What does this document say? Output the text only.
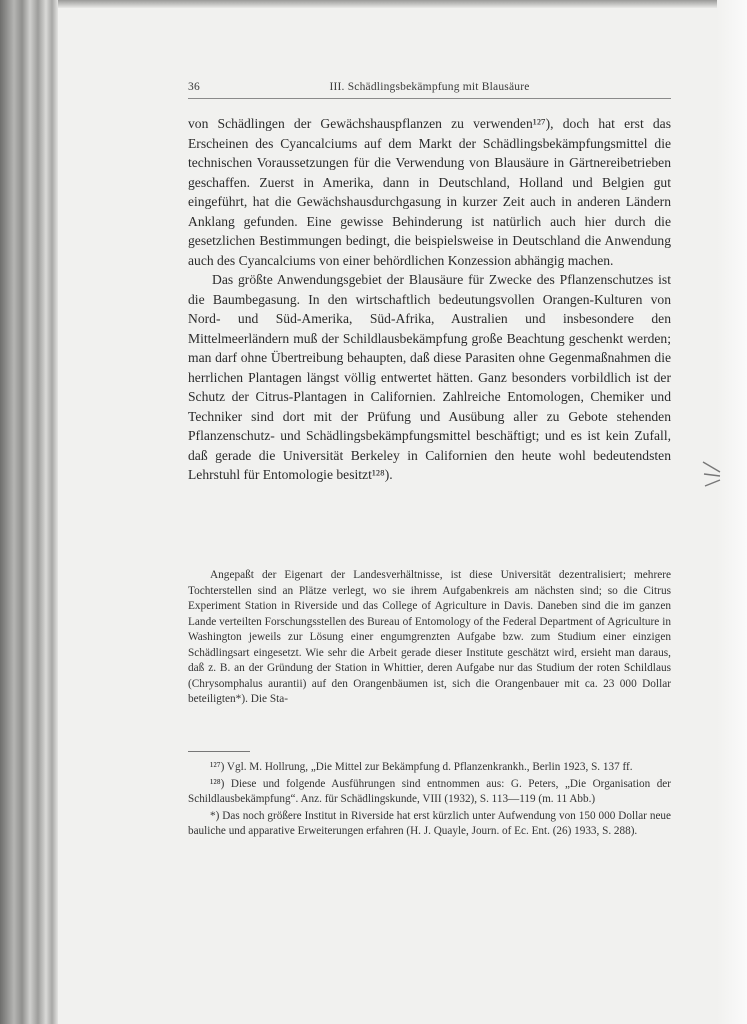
36	III. Schädlingsbekämpfung mit Blausäure

von Schädlingen der Gewächshauspflanzen zu verwenden¹²⁷), doch hat erst das Erscheinen des Cyancalciums auf dem Markt der Schädlingsbekämpfungsmittel die technischen Voraussetzungen für die Verwendung von Blausäure in Gärtnereibetrieben geschaffen. Zuerst in Amerika, dann in Deutschland, Holland und Belgien gut eingeführt, hat die Gewächshausdurchgasung in kurzer Zeit auch in anderen Ländern Anklang gefunden. Eine gewisse Behinderung ist natürlich auch hier durch die gesetzlichen Bestimmungen bedingt, die beispielsweise in Deutschland die Anwendung auch des Cyancalciums von einer behördlichen Konzession abhängig machen.

Das größte Anwendungsgebiet der Blausäure für Zwecke des Pflanzenschutzes ist die Baumbegasung. In den wirtschaftlich bedeutungsvollen Orangen-Kulturen von Nord- und Süd-Amerika, Süd-Afrika, Australien und insbesondere den Mittelmeerländern muß der Schildlausbekämpfung große Beachtung geschenkt werden; man darf ohne Übertreibung behaupten, daß diese Parasiten ohne Gegenmaßnahmen die herrlichen Plantagen längst völlig entwertet hätten. Ganz besonders vorbildlich ist der Schutz der Citrus-Plantagen in Californien. Zahlreiche Entomologen, Chemiker und Techniker sind dort mit der Prüfung und Ausübung aller zu Gebote stehenden Pflanzenschutz- und Schädlingsbekämpfungsmittel beschäftigt; und es ist kein Zufall, daß gerade die Universität Berkeley in Californien den heute wohl bedeutendsten Lehrstuhl für Entomologie besitzt¹²⁸).

Angepaßt der Eigenart der Landesverhältnisse, ist diese Universität dezentralisiert; mehrere Tochterstellen sind an Plätze verlegt, wo sie ihrem Aufgabenkreis am nächsten sind; so die Citrus Experiment Station in Riverside und das College of Agriculture in Davis. Daneben sind die im ganzen Lande verteilten Forschungsstellen des Bureau of Entomology of the Federal Department of Agriculture in Washington jeweils zur Lösung einer engumgrenzten Aufgabe bzw. zum Studium einer einzigen Schädlingsart eingesetzt. Wie sehr die Arbeit gerade dieser Institute geschätzt wird, ersieht man daraus, daß z. B. an der Gründung der Station in Whittier, deren Aufgabe nur das Studium der roten Schildlaus (Chrysomphalus aurantii) auf den Orangenbäumen ist, sich die Orangenbauer mit ca. 23 000 Dollar beteiligten*). Die Sta-

¹²⁷) Vgl. M. Hollrung, „Die Mittel zur Bekämpfung d. Pflanzenkrankh., Berlin 1923, S. 137 ff.

¹²⁸) Diese und folgende Ausführungen sind entnommen aus: G. Peters, „Die Organisation der Schildlausbekämpfung“. Anz. für Schädlingskunde, VIII (1932), S. 113—119 (m. 11 Abb.)

*) Das noch größere Institut in Riverside hat erst kürzlich unter Aufwendung von 150 000 Dollar neue bauliche und apparative Erweiterungen erfahren (H. J. Quayle, Journ. of Ec. Ent. (26) 1933, S. 288).
